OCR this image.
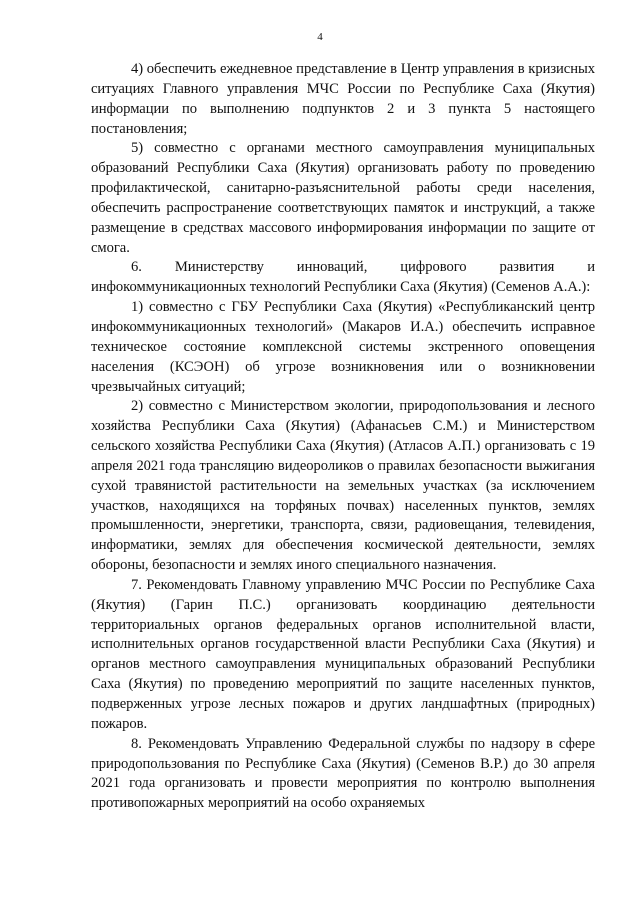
4

4) обеспечить ежедневное представление в Центр управления в кризисных ситуациях Главного управления МЧС России по Республике Саха (Якутия) информации по выполнению подпунктов 2 и 3 пункта 5 настоящего постановления;

5) совместно с органами местного самоуправления муниципальных образований Республики Саха (Якутия) организовать работу по проведению профилактической, санитарно-разъяснительной работы среди населения, обеспечить распространение соответствующих памяток и инструкций, а также размещение в средствах массового информирования информации по защите от смога.

6. Министерству инноваций, цифрового развития и инфокоммуникационных технологий Республики Саха (Якутия) (Семенов А.А.):

1) совместно с ГБУ Республики Саха (Якутия) «Республиканский центр инфокоммуникационных технологий» (Макаров И.А.) обеспечить исправное техническое состояние комплексной системы экстренного оповещения населения (КСЭОН) об угрозе возникновения или о возникновении чрезвычайных ситуаций;

2) совместно с Министерством экологии, природопользования и лесного хозяйства Республики Саха (Якутия) (Афанасьев С.М.) и Министерством сельского хозяйства Республики Саха (Якутия) (Атласов А.П.) организовать с 19 апреля 2021 года трансляцию видеороликов о правилах безопасности выжигания сухой травянистой растительности на земельных участках (за исключением участков, находящихся на торфяных почвах) населенных пунктов, землях промышленности, энергетики, транспорта, связи, радиовещания, телевидения, информатики, землях для обеспечения космической деятельности, землях обороны, безопасности и землях иного специального назначения.

7. Рекомендовать Главному управлению МЧС России по Республике Саха (Якутия) (Гарин П.С.) организовать координацию деятельности территориальных органов федеральных органов исполнительной власти, исполнительных органов государственной власти Республики Саха (Якутия) и органов местного самоуправления муниципальных образований Республики Саха (Якутия) по проведению мероприятий по защите населенных пунктов, подверженных угрозе лесных пожаров и других ландшафтных (природных) пожаров.

8. Рекомендовать Управлению Федеральной службы по надзору в сфере природопользования по Республике Саха (Якутия) (Семенов В.Р.) до 30 апреля 2021 года организовать и провести мероприятия по контролю выполнения противопожарных мероприятий на особо охраняемых
